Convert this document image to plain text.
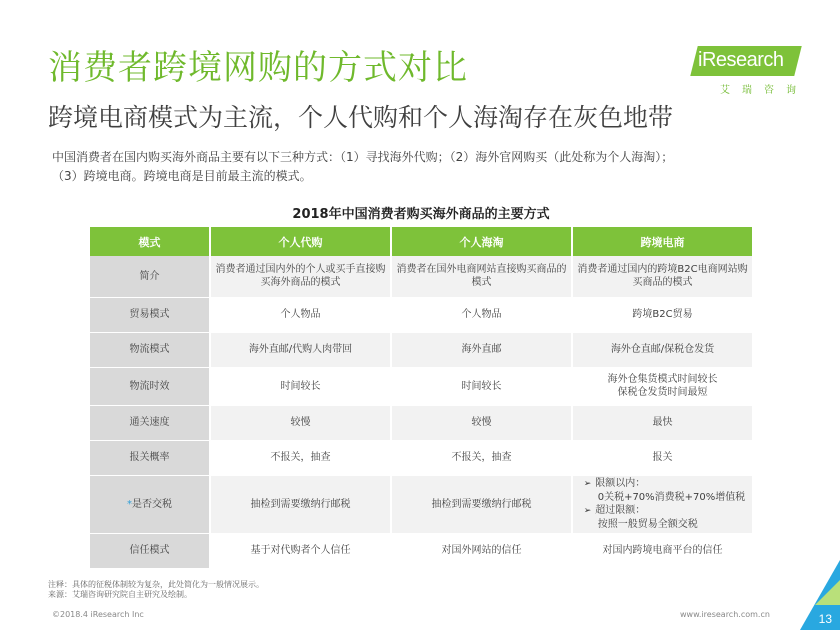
消费者跨境网购的方式对比	iResearch
艾瑞咨询
跨境电商模式为主流，个人代购和个人海淘存在灰色地带
中国消费者在国内购买海外商品主要有以下三种方式：（1）寻找海外代购；（2）海外官网购买（此处称为个人海淘）；
（3）跨境电商。跨境电商是目前最主流的模式。
2018年中国消费者购买海外商品的主要方式
模式	个人代购	个人海淘	跨境电商
简介	消费者通过国内外的个人或买手直接购买海外商品的模式	消费者在国外电商网站直接购买商品的模式	消费者通过国内的跨境B2C电商网站购买商品的模式
贸易模式	个人物品	个人物品	跨境B2C贸易
物流模式	海外直邮/代购人肉带回	海外直邮	海外仓直邮/保税仓发货
物流时效	时间较长	时间较长	海外仓集货模式时间较长
保税仓发货时间最短

通关速度	较慢	较慢	最快
报关概率	不报关，抽查	不报关，抽查	报关
*是否交税	抽检到需要缴纳行邮税	抽检到需要缴纳行邮税	➢ 限额以内：
0关税+70%消费税+70%增值税
➢ 超过限额：
按照一般贸易全额交税

信任模式	基于对代购者个人信任	对国外网站的信任	对国内跨境电商平台的信任
注释：具体的征税体制较为复杂，此处简化为一般情况展示。
来源：艾瑞咨询研究院自主研究及绘制。
©2018.4 iResearch Inc	www.iresearch.com.cn	13
